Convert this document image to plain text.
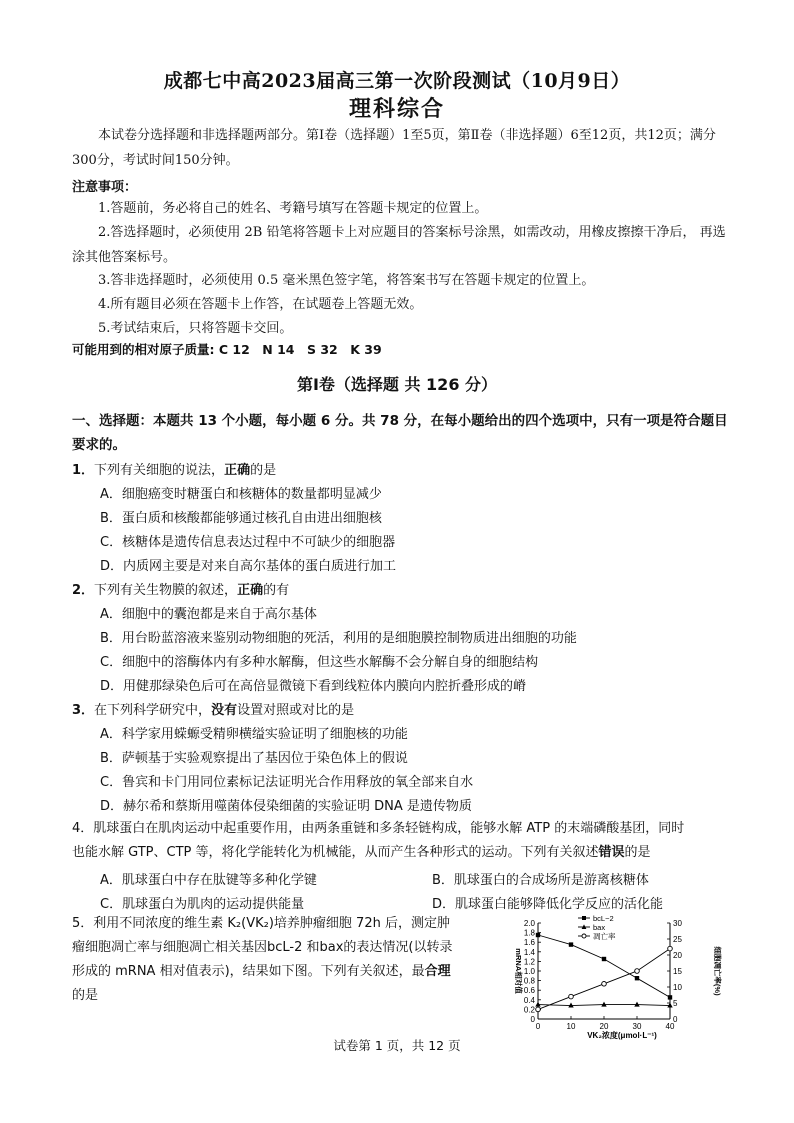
成都七中高2023届高三第一次阶段测试（10月9日）
理科综合
本试卷分选择题和非选择题两部分。第Ⅰ卷（选择题）1至5页，第Ⅱ卷（非选择题）6至12页，共12页；满分300分，考试时间150分钟。
注意事项：
1.答题前，务必将自己的姓名、考籍号填写在答题卡规定的位置上。
2.答选择题时，必须使用 2B 铅笔将答题卡上对应题目的答案标号涂黑，如需改动，用橡皮擦擦干净后， 再选涂其他答案标号。
3.答非选择题时，必须使用 0.5 毫米黑色签字笔，将答案书写在答题卡规定的位置上。
4.所有题目必须在答题卡上作答，在试题卷上答题无效。
5.考试结束后，只将答题卡交回。
可能用到的相对原子质量: C 12　N 14　S 32　K 39
第Ⅰ卷（选择题 共 126 分）
一、选择题：本题共 13 个小题，每小题 6 分。共 78 分，在每小题给出的四个选项中，只有一项是符合题目要求的。
1．下列有关细胞的说法，正确的是
A．细胞癌变时糖蛋白和核糖体的数量都明显减少
B．蛋白质和核酸都能够通过核孔自由进出细胞核
C．核糖体是遗传信息表达过程中不可缺少的细胞器
D．内质网主要是对来自高尔基体的蛋白质进行加工
2．下列有关生物膜的叙述，正确的有
A．细胞中的囊泡都是来自于高尔基体
B．用台盼蓝溶液来鉴别动物细胞的死活，利用的是细胞膜控制物质进出细胞的功能
C．细胞中的溶酶体内有多种水解酶，但这些水解酶不会分解自身的细胞结构
D．用健那绿染色后可在高倍显微镜下看到线粒体内膜向内腔折叠形成的嵴
3．在下列科学研究中，没有设置对照或对比的是
A．科学家用蝾螈受精卵横缢实验证明了细胞核的功能
B．萨顿基于实验观察提出了基因位于染色体上的假说
C．鲁宾和卡门用同位素标记法证明光合作用释放的氧全部来自水
D．赫尔希和蔡斯用噬菌体侵染细菌的实验证明 DNA 是遗传物质
4．肌球蛋白在肌肉运动中起重要作用，由两条重链和多条轻链构成，能够水解 ATP 的末端磷酸基团，同时
也能水解 GTP、CTP 等，将化学能转化为机械能，从而产生各种形式的运动。下列有关叙述错误的是
A．肌球蛋白中存在肽键等多种化学键	B．肌球蛋白的合成场所是游离核糖体
C．肌球蛋白为肌肉的运动提供能量	D．肌球蛋白能够降低化学反应的活化能
5．利用不同浓度的维生素 K₂(VK₂)培养肿瘤细胞 72h 后，测定肿
瘤细胞凋亡率与细胞凋亡相关基因bcL-2 和bax的表达情况(以转录
形成的 mRNA 相对值表示)，结果如下图。下列有关叙述，最合理
的是
0
0.2
0.4
0.6
0.8
1.0
1.2
1.4
1.6
1.8
2.0
0
5
10
15
20
25
30
0	10	20	30	40
mRNA相对值	细胞凋亡率(%)
VK₂浓度(μmol·L⁻¹)
bcL−2
bax
凋亡率
试卷第 1 页，共 12 页
